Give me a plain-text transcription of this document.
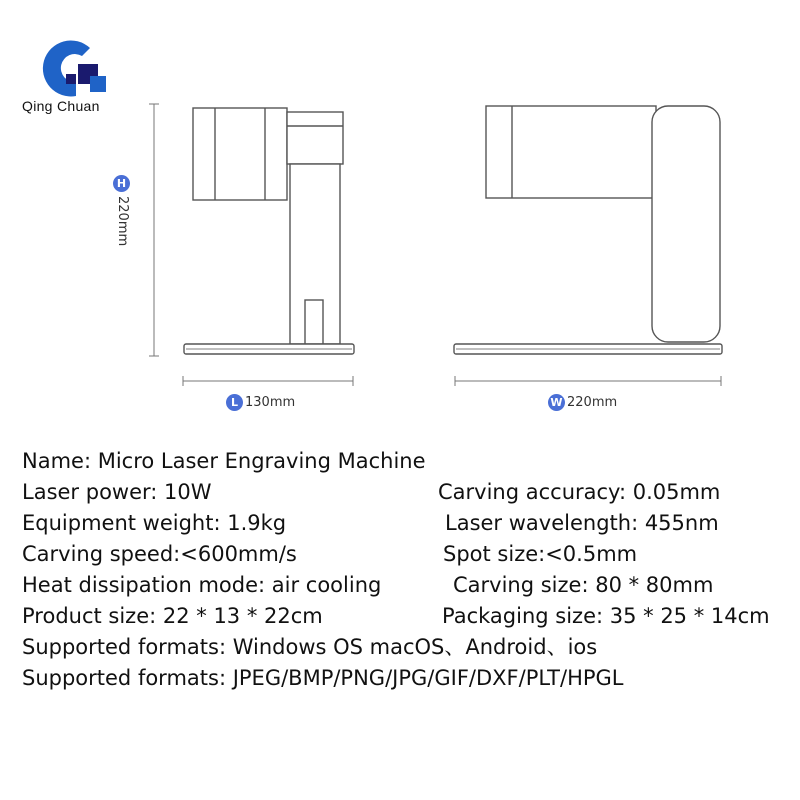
Qing Chuan
H
220mm
L 130mm	W 220mm
Name: Micro Laser Engraving Machine
Laser power: 10W	Carving accuracy: 0.05mm
Equipment weight: 1.9kg	Laser wavelength: 455nm
Carving speed:<600mm/s	Spot size:<0.5mm
Heat dissipation mode: air cooling	Carving size: 80 * 80mm
Product size: 22 * 13 * 22cm	Packaging size: 35 * 25 * 14cm
Supported formats: Windows OS macOS、Android、ios
Supported formats: JPEG/BMP/PNG/JPG/GIF/DXF/PLT/HPGL
